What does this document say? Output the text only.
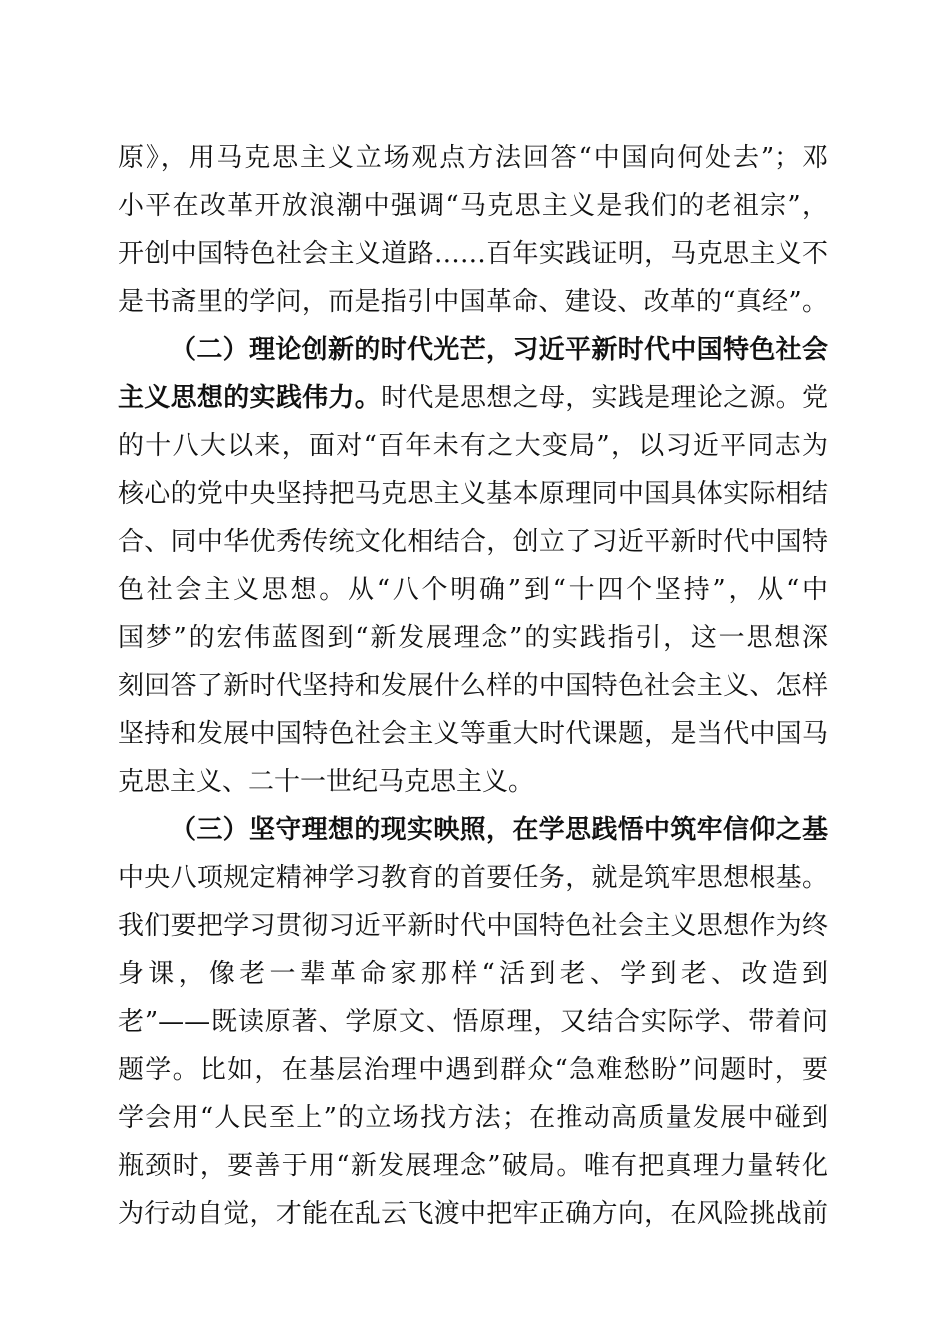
原》，用马克思主义立场观点方法回答“中国向何处去”；邓
小平在改革开放浪潮中强调“马克思主义是我们的老祖宗”，
开创中国特色社会主义道路……百年实践证明，马克思主义不
是书斋里的学问，而是指引中国革命、建设、改革的“真经”。
（二）理论创新的时代光芒，习近平新时代中国特色社会
主义思想的实践伟力。时代是思想之母，实践是理论之源。党
的十八大以来，面对“百年未有之大变局”，以习近平同志为
核心的党中央坚持把马克思主义基本原理同中国具体实际相结
合、同中华优秀传统文化相结合，创立了习近平新时代中国特
色社会主义思想。从“八个明确”到“十四个坚持”，从“中
国梦”的宏伟蓝图到“新发展理念”的实践指引，这一思想深
刻回答了新时代坚持和发展什么样的中国特色社会主义、怎样
坚持和发展中国特色社会主义等重大时代课题，是当代中国马
克思主义、二十一世纪马克思主义。
（三）坚守理想的现实映照，在学思践悟中筑牢信仰之基
中央八项规定精神学习教育的首要任务，就是筑牢思想根基。
我们要把学习贯彻习近平新时代中国特色社会主义思想作为终
身课，像老一辈革命家那样“活到老、学到老、改造到
老”——既读原著、学原文、悟原理，又结合实际学、带着问
题学。比如，在基层治理中遇到群众“急难愁盼”问题时，要
学会用“人民至上”的立场找方法；在推动高质量发展中碰到
瓶颈时，要善于用“新发展理念”破局。唯有把真理力量转化
为行动自觉，才能在乱云飞渡中把牢正确方向，在风险挑战前
